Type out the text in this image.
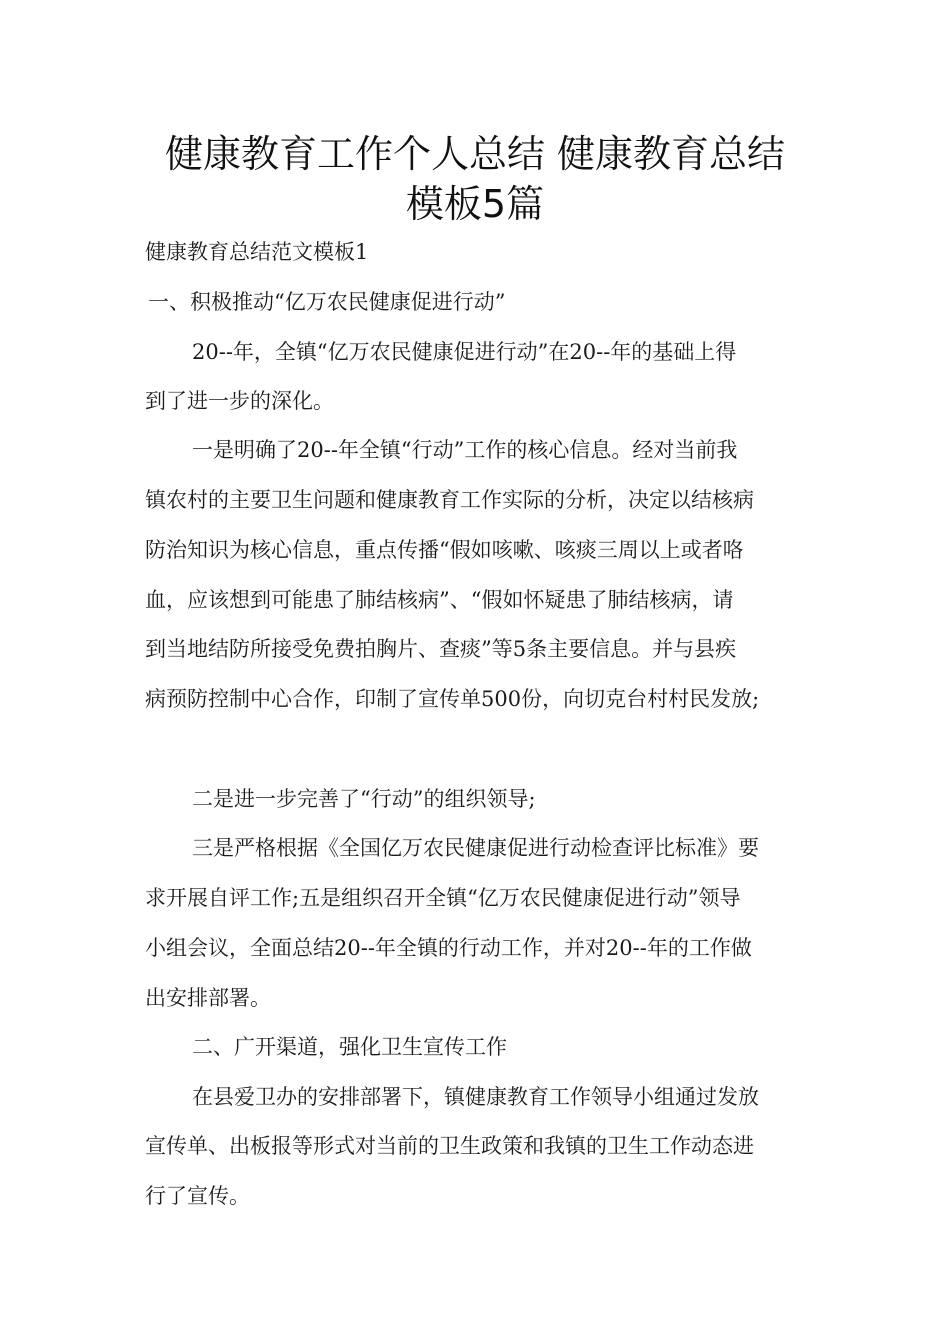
健康教育工作个人总结 健康教育总结
模板5篇
健康教育总结范文模板1
一、积极推动“亿万农民健康促进行动”
20--年，全镇“亿万农民健康促进行动”在20--年的基础上得
到了进一步的深化。
一是明确了20--年全镇“行动”工作的核心信息。经对当前我
镇农村的主要卫生问题和健康教育工作实际的分析，决定以结核病
防治知识为核心信息，重点传播“假如咳嗽、咳痰三周以上或者咯
血，应该想到可能患了肺结核病”、“假如怀疑患了肺结核病，请
到当地结防所接受免费拍胸片、查痰”等5条主要信息。并与县疾
病预防控制中心合作，印制了宣传单500份，向切克台村村民发放;
二是进一步完善了“行动”的组织领导;
三是严格根据《全国亿万农民健康促进行动检查评比标准》要
求开展自评工作;五是组织召开全镇“亿万农民健康促进行动”领导
小组会议，全面总结20--年全镇的行动工作，并对20--年的工作做
出安排部署。
二、广开渠道，强化卫生宣传工作
在县爱卫办的安排部署下，镇健康教育工作领导小组通过发放
宣传单、出板报等形式对当前的卫生政策和我镇的卫生工作动态进
行了宣传。
